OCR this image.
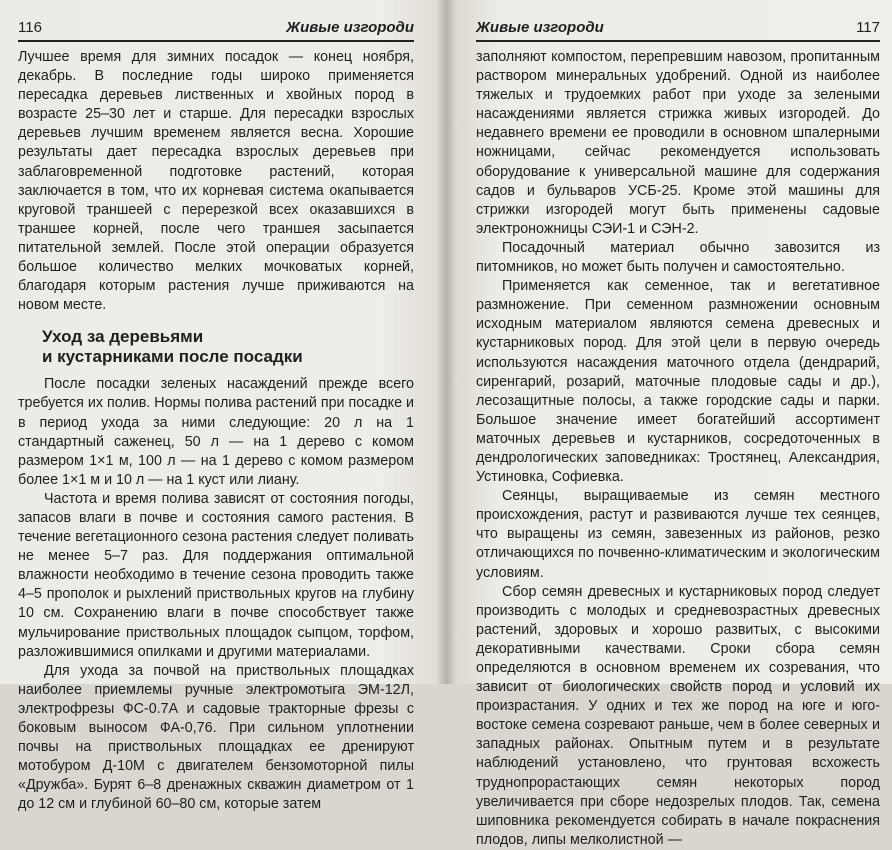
116	Живые изгороди

Лучшее время для зимних посадок — конец ноября, декабрь. В последние годы широко применяется пересадка деревьев лиственных и хвойных пород в возрасте 25–30 лет и старше. Для пересадки взрослых деревьев лучшим временем является весна. Хорошие результаты дает пересадка взрослых деревьев при заблаговременной подготовке растений, которая заключается в том, что их корневая система окапывается круговой траншеей с перерезкой всех оказавшихся в траншее корней, после чего траншея засыпается питательной землей. После этой операции образуется большое количество мелких мочковатых корней, благодаря которым растения лучше приживаются на новом месте.

Уход за деревьями
и кустарниками после посадки

После посадки зеленых насаждений прежде всего требуется их полив. Нормы полива растений при посадке и в период ухода за ними следующие: 20 л на 1 стандартный саженец, 50 л — на 1 дерево с комом размером 1×1 м, 100 л — на 1 дерево с комом размером более 1×1 м и 10 л — на 1 куст или лиану.

Частота и время полива зависят от состояния погоды, запасов влаги в почве и состояния самого растения. В течение вегетационного сезона растения следует поливать не менее 5–7 раз. Для поддержания оптимальной влажности необходимо в течение сезона проводить также 4–5 прополок и рыхлений приствольных кругов на глубину 10 см. Сохранению влаги в почве способствует также мульчирование приствольных площадок сыпцом, торфом, разложившимися опилками и другими материалами.

Для ухода за почвой на приствольных площадках наиболее приемлемы ручные электромотыга ЭМ-12Л, электрофрезы ФС-0.7А и садовые тракторные фрезы с боковым выносом ФА-0,76. При сильном уплотнении почвы на приствольных площадках ее дренируют мотобуром Д-10М с двигателем бензомоторной пилы «Дружба». Бурят 6–8 дренажных скважин диаметром от 1 до 12 см и глубиной 60–80 см, которые затем

Живые изгороди	117

заполняют компостом, перепревшим навозом, пропитанным раствором минеральных удобрений. Одной из наиболее тяжелых и трудоемких работ при уходе за зелеными насаждениями является стрижка живых изгородей. До недавнего времени ее проводили в основном шпалерными ножницами, сейчас рекомендуется использовать оборудование к универсальной машине для содержания садов и бульваров УСБ-25. Кроме этой машины для стрижки изгородей могут быть применены садовые электроножницы СЭИ-1 и СЭН-2.

Посадочный материал обычно завозится из питомников, но может быть получен и самостоятельно.

Применяется как семенное, так и вегетативное размножение. При семенном размножении основным исходным материалом являются семена древесных и кустарниковых пород. Для этой цели в первую очередь используются насаждения маточного отдела (дендрарий, сиренгарий, розарий, маточные плодовые сады и др.), лесозащитные полосы, а также городские сады и парки. Большое значение имеет богатейший ассортимент маточных деревьев и кустарников, сосредоточенных в дендрологических заповедниках: Тростянец, Александрия, Устиновка, Софиевка.

Сеянцы, выращиваемые из семян местного происхождения, растут и развиваются лучше тех сеянцев, что выращены из семян, завезенных из районов, резко отличающихся по почвенно-климатическим и экологическим условиям.

Сбор семян древесных и кустарниковых пород следует производить с молодых и средневозрастных древесных растений, здоровых и хорошо развитых, с высокими декоративными качествами. Сроки сбора семян определяются в основном временем их созревания, что зависит от биологических свойств пород и условий их произрастания. У одних и тех же пород на юге и юго-востоке семена созревают раньше, чем в более северных и западных районах. Опытным путем и в результате наблюдений установлено, что грунтовая всхожесть труднопрорастающих семян некоторых пород увеличивается при сборе недозрелых плодов. Так, семена шиповника рекомендуется собирать в начале покраснения плодов, липы мелколистной —
